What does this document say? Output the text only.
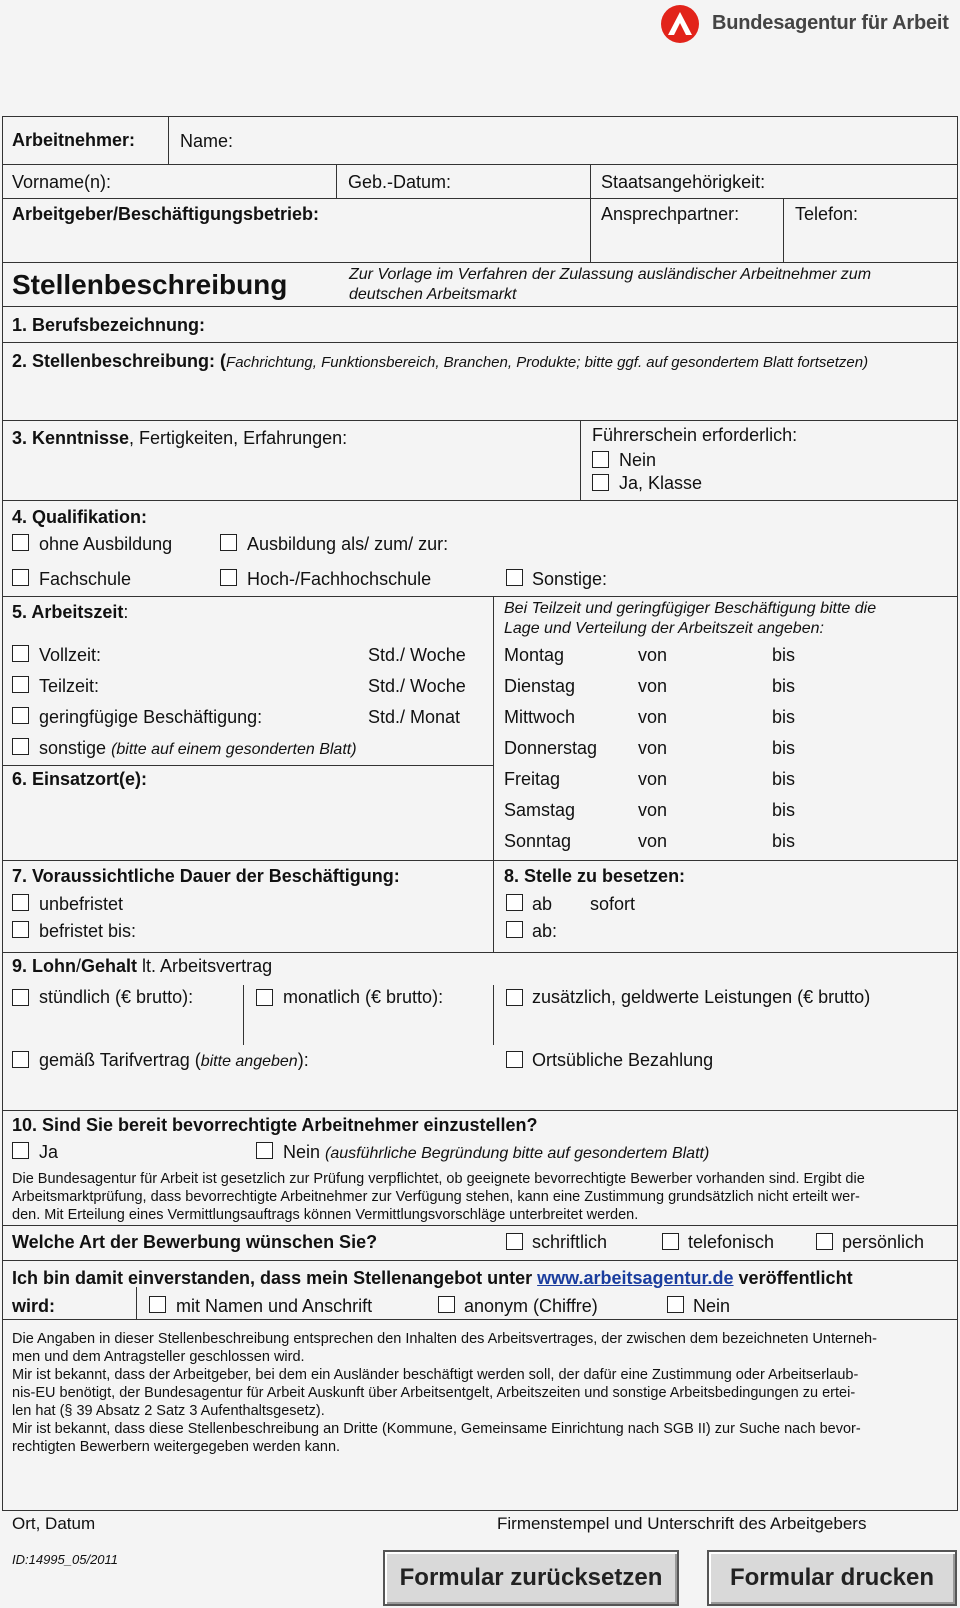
Bundesagentur für Arbeit
Arbeitnehmer: Name:
Vorname(n):	Geb.-Datum:	Staatsangehörigkeit:
Arbeitgeber/Beschäftigungsbetrieb:	Ansprechpartner:	Telefon:
Stellenbeschreibung	Zur Vorlage im Verfahren der Zulassung ausländischer Arbeitnehmer zum
deutschen Arbeitsmarkt
1. Berufsbezeichnung:
2. Stellenbeschreibung: (Fachrichtung, Funktionsbereich, Branchen, Produkte; bitte ggf. auf gesondertem Blatt fortsetzen)
3. Kenntnisse, Fertigkeiten, Erfahrungen:	Führerschein erforderlich:
Nein
Ja, Klasse
4. Qualifikation:
ohne Ausbildung	Ausbildung als/ zum/ zur:
Fachschule	Hoch-/Fachhochschule	Sonstige:
5. Arbeitszeit:	Bei Teilzeit und geringfügiger Beschäftigung bitte die
Lage und Verteilung der Arbeitszeit angeben:
Vollzeit:	Std./ Woche
Teilzeit:	Std./ Woche
geringfügige Beschäftigung:	Std./ Monat
sonstige (bitte auf einem gesonderten Blatt)
Montag	von	bis
Dienstag	von	bis
Mittwoch	von	bis
Donnerstag von	bis
Freitag	von	bis
Samstag	von	bis
Sonntag	von	bis
6. Einsatzort(e):
7. Voraussichtliche Dauer der Beschäftigung:
unbefristet
befristet bis:
8. Stelle zu besetzen:
ab sofort
ab:
9. Lohn/Gehalt lt. Arbeitsvertrag
stündlich (€ brutto):	monatlich (€ brutto):	zusätzlich, geldwerte Leistungen (€ brutto)
gemäß Tarifvertrag (bitte angeben):	Ortsübliche Bezahlung
10. Sind Sie bereit bevorrechtigte Arbeitnehmer einzustellen?
Ja	Nein (ausführliche Begründung bitte auf gesondertem Blatt)
Die Bundesagentur für Arbeit ist gesetzlich zur Prüfung verpflichtet, ob geeignete bevorrechtigte Bewerber vorhanden sind. Ergibt die
Arbeitsmarktprüfung, dass bevorrechtigte Arbeitnehmer zur Verfügung stehen, kann eine Zustimmung grundsätzlich nicht erteilt wer-
den. Mit Erteilung eines Vermittlungsauftrags können Vermittlungsvorschläge unterbreitet werden.
Welche Art der Bewerbung wünschen Sie?	schriftlich	telefonisch	persönlich
Ich bin damit einverstanden, dass mein Stellenangebot unter www.arbeitsagentur.de veröffentlicht
wird:	mit Namen und Anschrift	anonym (Chiffre)	Nein
Die Angaben in dieser Stellenbeschreibung entsprechen den Inhalten des Arbeitsvertrages, der zwischen dem bezeichneten Unterneh-
men und dem Antragsteller geschlossen wird.
Mir ist bekannt, dass der Arbeitgeber, bei dem ein Ausländer beschäftigt werden soll, der dafür eine Zustimmung oder Arbeitserlaub-
nis-EU benötigt, der Bundesagentur für Arbeit Auskunft über Arbeitsentgelt, Arbeitszeiten und sonstige Arbeitsbedingungen zu ertei-
len hat (§ 39 Absatz 2 Satz 3 Aufenthaltsgesetz).
Mir ist bekannt, dass diese Stellenbeschreibung an Dritte (Kommune, Gemeinsame Einrichtung nach SGB II) zur Suche nach bevor-
rechtigten Bewerbern weitergegeben werden kann.
Ort, Datum	Firmenstempel und Unterschrift des Arbeitgebers
ID:14995_05/2011
Formular zurücksetzen	Formular drucken
